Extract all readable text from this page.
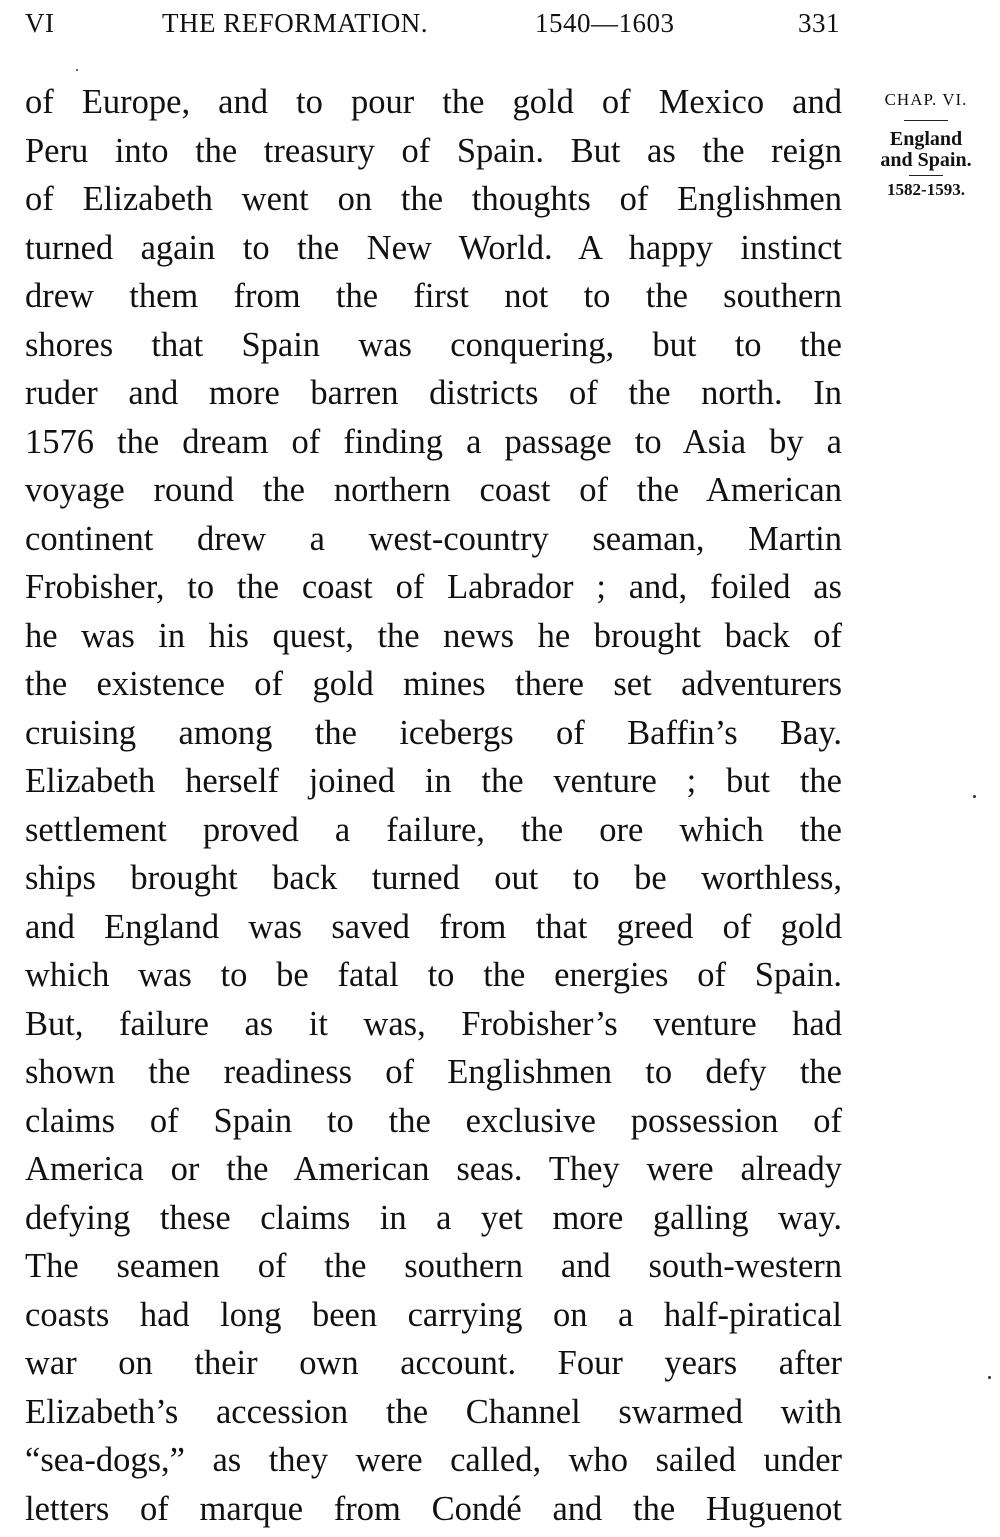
VI	THE REFORMATION.	1540—1603	331
of Europe, and to pour the gold of Mexico and
Peru into the treasury of Spain. But as the reign
of Elizabeth went on the thoughts of Englishmen
turned again to the New World. A happy instinct
drew them from the first not to the southern
shores that Spain was conquering, but to the
ruder and more barren districts of the north. In
1576 the dream of finding a passage to Asia by a
voyage round the northern coast of the American
continent drew a west-country seaman, Martin
Frobisher, to the coast of Labrador ; and, foiled as
he was in his quest, the news he brought back of
the existence of gold mines there set adventurers
cruising among the icebergs of Baffin’s Bay.
Elizabeth herself joined in the venture ; but the
settlement proved a failure, the ore which the
ships brought back turned out to be worthless,
and England was saved from that greed of gold
which was to be fatal to the energies of Spain.
But, failure as it was, Frobisher’s venture had
shown the readiness of Englishmen to defy the
claims of Spain to the exclusive possession of
America or the American seas. They were already
defying these claims in a yet more galling way.
The seamen of the southern and south-western
coasts had long been carrying on a half-piratical
war on their own account. Four years after
Elizabeth’s accession the Channel swarmed with
“sea-dogs,” as they were called, who sailed under
letters of marque from Condé and the Huguenot
CHAP. VI.
England
and Spain.
1582-1593.
